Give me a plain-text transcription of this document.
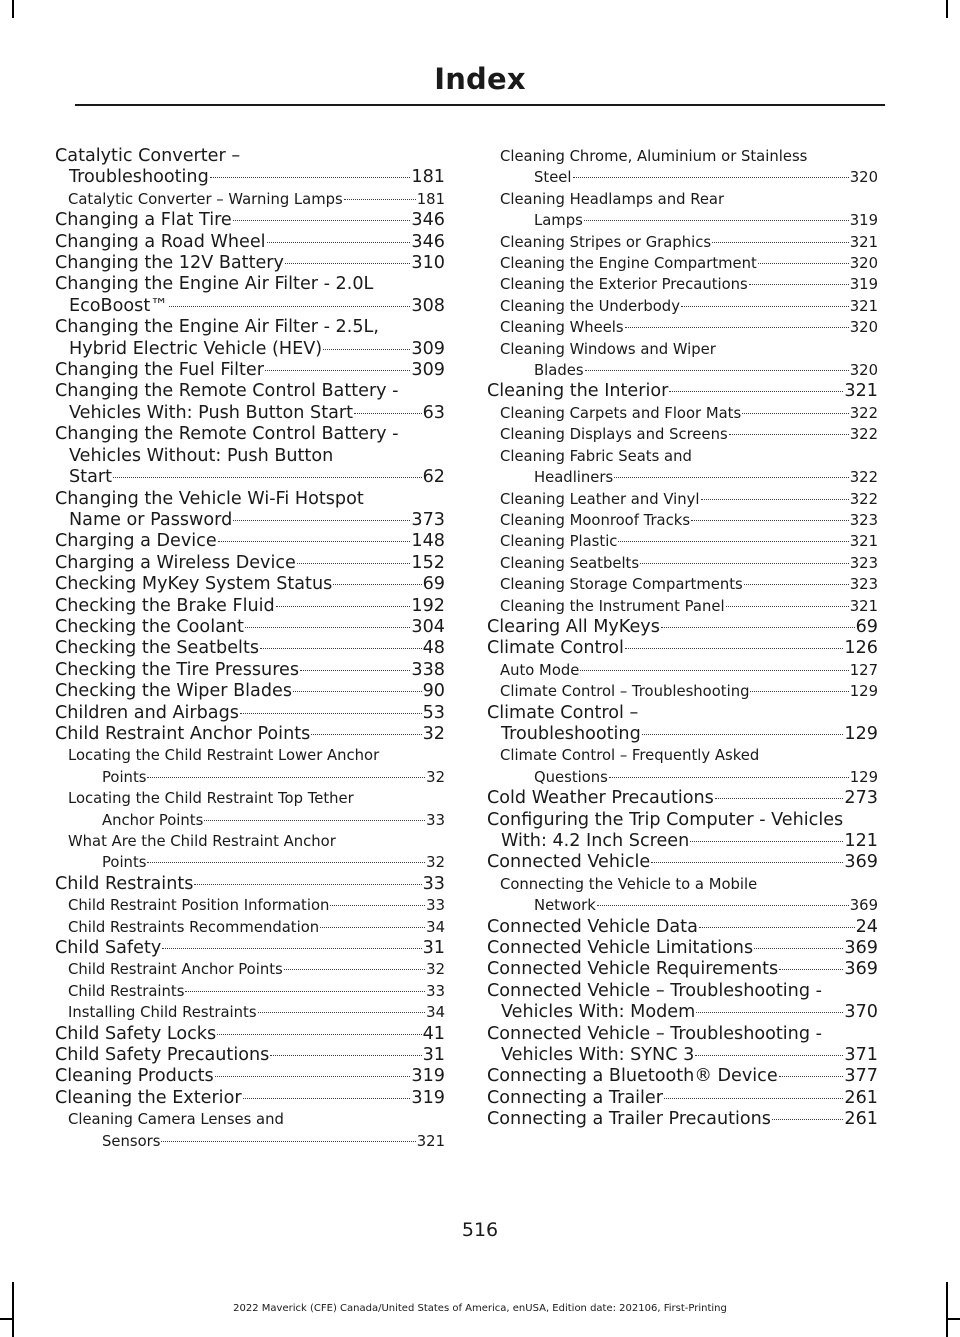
Index
Catalytic Converter –
Troubleshooting	181
Catalytic Converter – Warning Lamps	181
Changing a Flat Tire	346
Changing a Road Wheel	346
Changing the 12V Battery	310
Changing the Engine Air Filter - 2.0L
EcoBoost™	308
Changing the Engine Air Filter - 2.5L,
Hybrid Electric Vehicle (HEV)	309
Changing the Fuel Filter	309
Changing the Remote Control Battery -
Vehicles With: Push Button Start	63
Changing the Remote Control Battery -
Vehicles Without: Push Button
Start	62
Changing the Vehicle Wi-Fi Hotspot
Name or Password	373
Charging a Device	148
Charging a Wireless Device	152
Checking MyKey System Status	69
Checking the Brake Fluid	192
Checking the Coolant	304
Checking the Seatbelts	48
Checking the Tire Pressures	338
Checking the Wiper Blades	90
Children and Airbags	53
Child Restraint Anchor Points	32
Locating the Child Restraint Lower Anchor
Points	32
Locating the Child Restraint Top Tether
Anchor Points	33
What Are the Child Restraint Anchor
Points	32
Child Restraints	33
Child Restraint Position Information	33
Child Restraints Recommendation	34
Child Safety	31
Child Restraint Anchor Points	32
Child Restraints	33
Installing Child Restraints	34
Child Safety Locks	41
Child Safety Precautions	31
Cleaning Products	319
Cleaning the Exterior	319
Cleaning Camera Lenses and
Sensors	321
Cleaning Chrome, Aluminium or Stainless
Steel	320
Cleaning Headlamps and Rear
Lamps	319
Cleaning Stripes or Graphics	321
Cleaning the Engine Compartment	320
Cleaning the Exterior Precautions	319
Cleaning the Underbody	321
Cleaning Wheels	320
Cleaning Windows and Wiper
Blades	320
Cleaning the Interior	321
Cleaning Carpets and Floor Mats	322
Cleaning Displays and Screens	322
Cleaning Fabric Seats and
Headliners	322
Cleaning Leather and Vinyl	322
Cleaning Moonroof Tracks	323
Cleaning Plastic	321
Cleaning Seatbelts	323
Cleaning Storage Compartments	323
Cleaning the Instrument Panel	321
Clearing All MyKeys	69
Climate Control	126
Auto Mode	127
Climate Control – Troubleshooting	129
Climate Control –
Troubleshooting	129
Climate Control – Frequently Asked
Questions	129
Cold Weather Precautions	273
Configuring the Trip Computer - Vehicles
With: 4.2 Inch Screen	121
Connected Vehicle	369
Connecting the Vehicle to a Mobile
Network	369
Connected Vehicle Data	24
Connected Vehicle Limitations	369
Connected Vehicle Requirements	369
Connected Vehicle – Troubleshooting -
Vehicles With: Modem	370
Connected Vehicle – Troubleshooting -
Vehicles With: SYNC 3	371
Connecting a Bluetooth® Device	377
Connecting a Trailer	261
Connecting a Trailer Precautions	261
516
2022 Maverick (CFE) Canada/United States of America, enUSA, Edition date: 202106, First-Printing
